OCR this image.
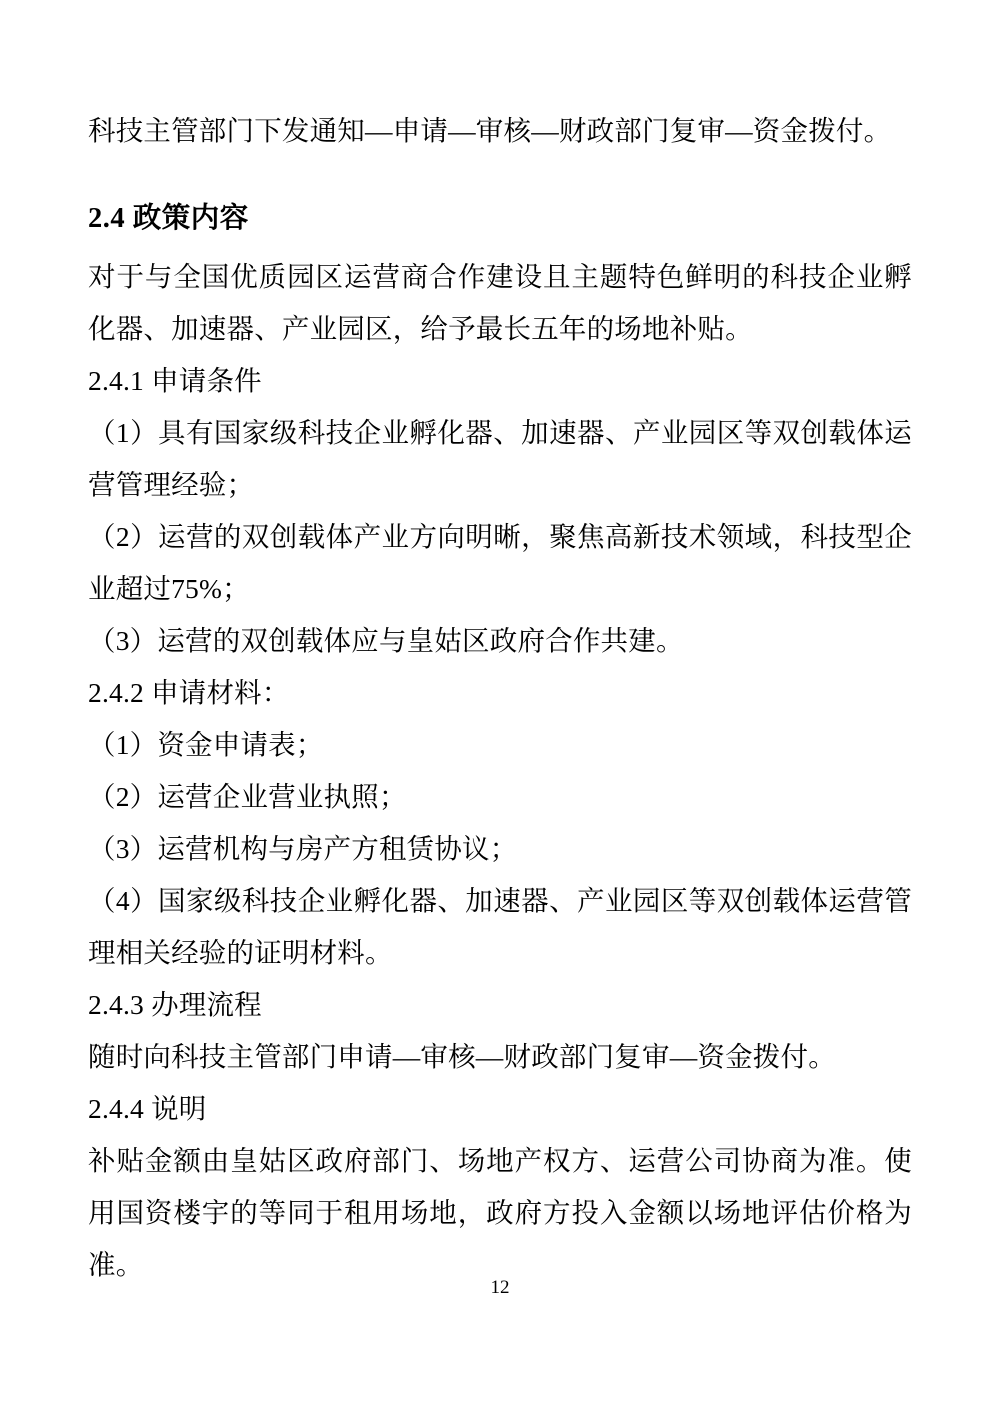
科技主管部门下发通知—申请—审核—财政部门复审—资金拨付。

2.4 政策内容

对于与全国优质园区运营商合作建设且主题特色鲜明的科技企业孵化器、加速器、产业园区，给予最长五年的场地补贴。

2.4.1 申请条件

（1）具有国家级科技企业孵化器、加速器、产业园区等双创载体运营管理经验；

（2）运营的双创载体产业方向明晰，聚焦高新技术领域，科技型企业超过75%；

（3）运营的双创载体应与皇姑区政府合作共建。

2.4.2 申请材料：

（1）资金申请表；

（2）运营企业营业执照；

（3）运营机构与房产方租赁协议；

（4）国家级科技企业孵化器、加速器、产业园区等双创载体运营管理相关经验的证明材料。

2.4.3 办理流程

随时向科技主管部门申请—审核—财政部门复审—资金拨付。

2.4.4 说明

补贴金额由皇姑区政府部门、场地产权方、运营公司协商为准。使用国资楼宇的等同于租用场地，政府方投入金额以场地评估价格为准。

12
